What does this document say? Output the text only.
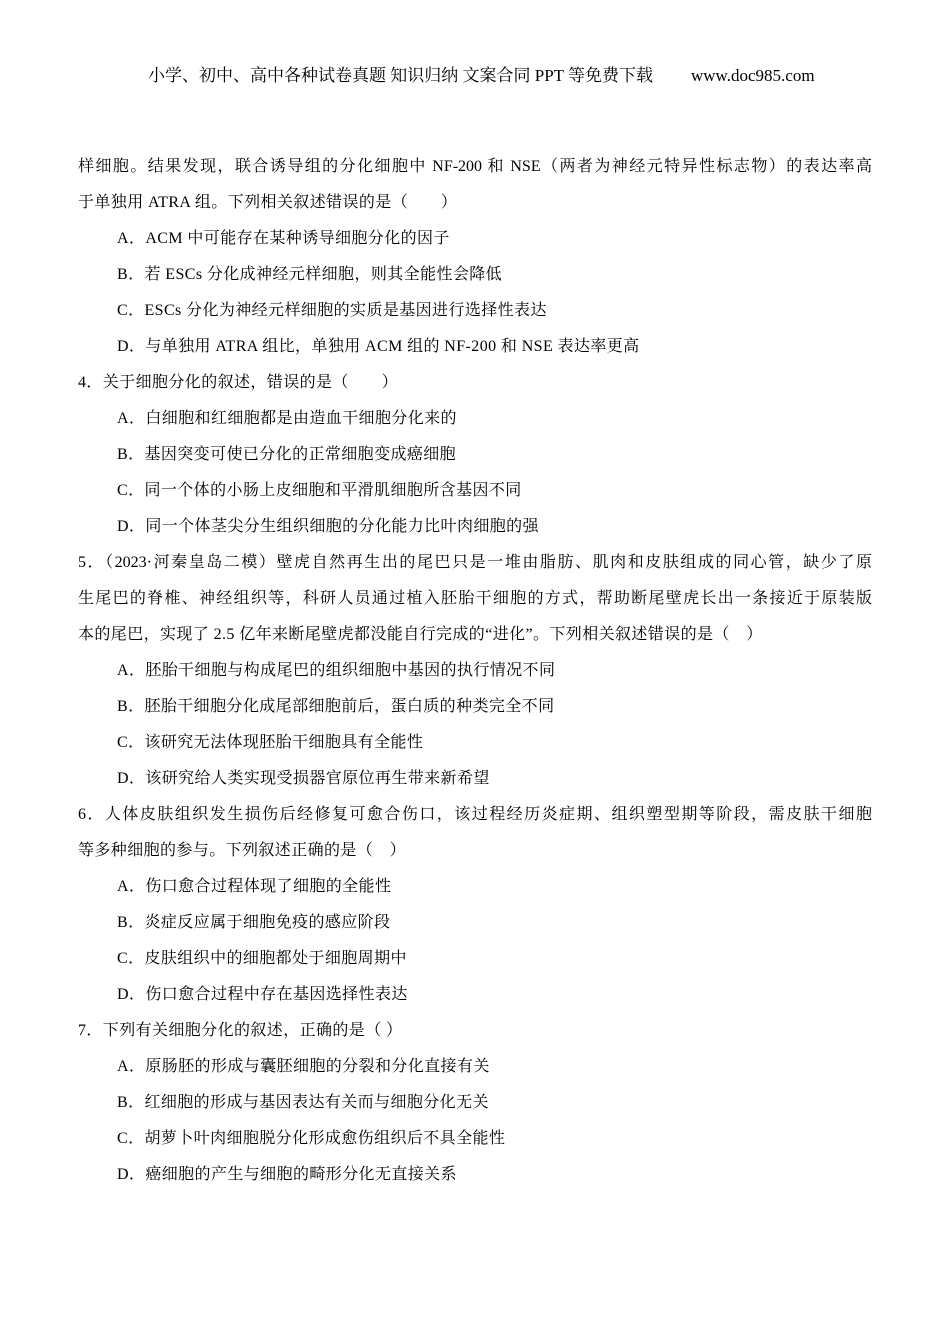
小学、初中、高中各种试卷真题 知识归纳 文案合同 PPT 等免费下载 www.doc985.com
样细胞。结果发现，联合诱导组的分化细胞中 NF-200 和 NSE（两者为神经元特异性标志物）的表达率高
于单独用 ATRA 组。下列相关叙述错误的是（　　）
A．ACM 中可能存在某种诱导细胞分化的因子
B．若 ESCs 分化成神经元样细胞，则其全能性会降低
C．ESCs 分化为神经元样细胞的实质是基因进行选择性表达
D．与单独用 ATRA 组比，单独用 ACM 组的 NF-200 和 NSE 表达率更高
4．关于细胞分化的叙述，错误的是（　　）
A．白细胞和红细胞都是由造血干细胞分化来的
B．基因突变可使已分化的正常细胞变成癌细胞
C．同一个体的小肠上皮细胞和平滑肌细胞所含基因不同
D．同一个体茎尖分生组织细胞的分化能力比叶肉细胞的强
5．（2023·河秦皇岛二模）壁虎自然再生出的尾巴只是一堆由脂肪、肌肉和皮肤组成的同心管，缺少了原
生尾巴的脊椎、神经组织等，科研人员通过植入胚胎干细胞的方式，帮助断尾壁虎长出一条接近于原装版
本的尾巴，实现了 2.5 亿年来断尾壁虎都没能自行完成的“进化”。下列相关叙述错误的是（　）
A．胚胎干细胞与构成尾巴的组织细胞中基因的执行情况不同
B．胚胎干细胞分化成尾部细胞前后，蛋白质的种类完全不同
C．该研究无法体现胚胎干细胞具有全能性
D．该研究给人类实现受损器官原位再生带来新希望
6．人体皮肤组织发生损伤后经修复可愈合伤口，该过程经历炎症期、组织塑型期等阶段，需皮肤干细胞
等多种细胞的参与。下列叙述正确的是（　）
A．伤口愈合过程体现了细胞的全能性
B．炎症反应属于细胞免疫的感应阶段
C．皮肤组织中的细胞都处于细胞周期中
D．伤口愈合过程中存在基因选择性表达
7．下列有关细胞分化的叙述，正确的是（ ）
A．原肠胚的形成与囊胚细胞的分裂和分化直接有关
B．红细胞的形成与基因表达有关而与细胞分化无关
C．胡萝卜叶肉细胞脱分化形成愈伤组织后不具全能性
D．癌细胞的产生与细胞的畸形分化无直接关系
